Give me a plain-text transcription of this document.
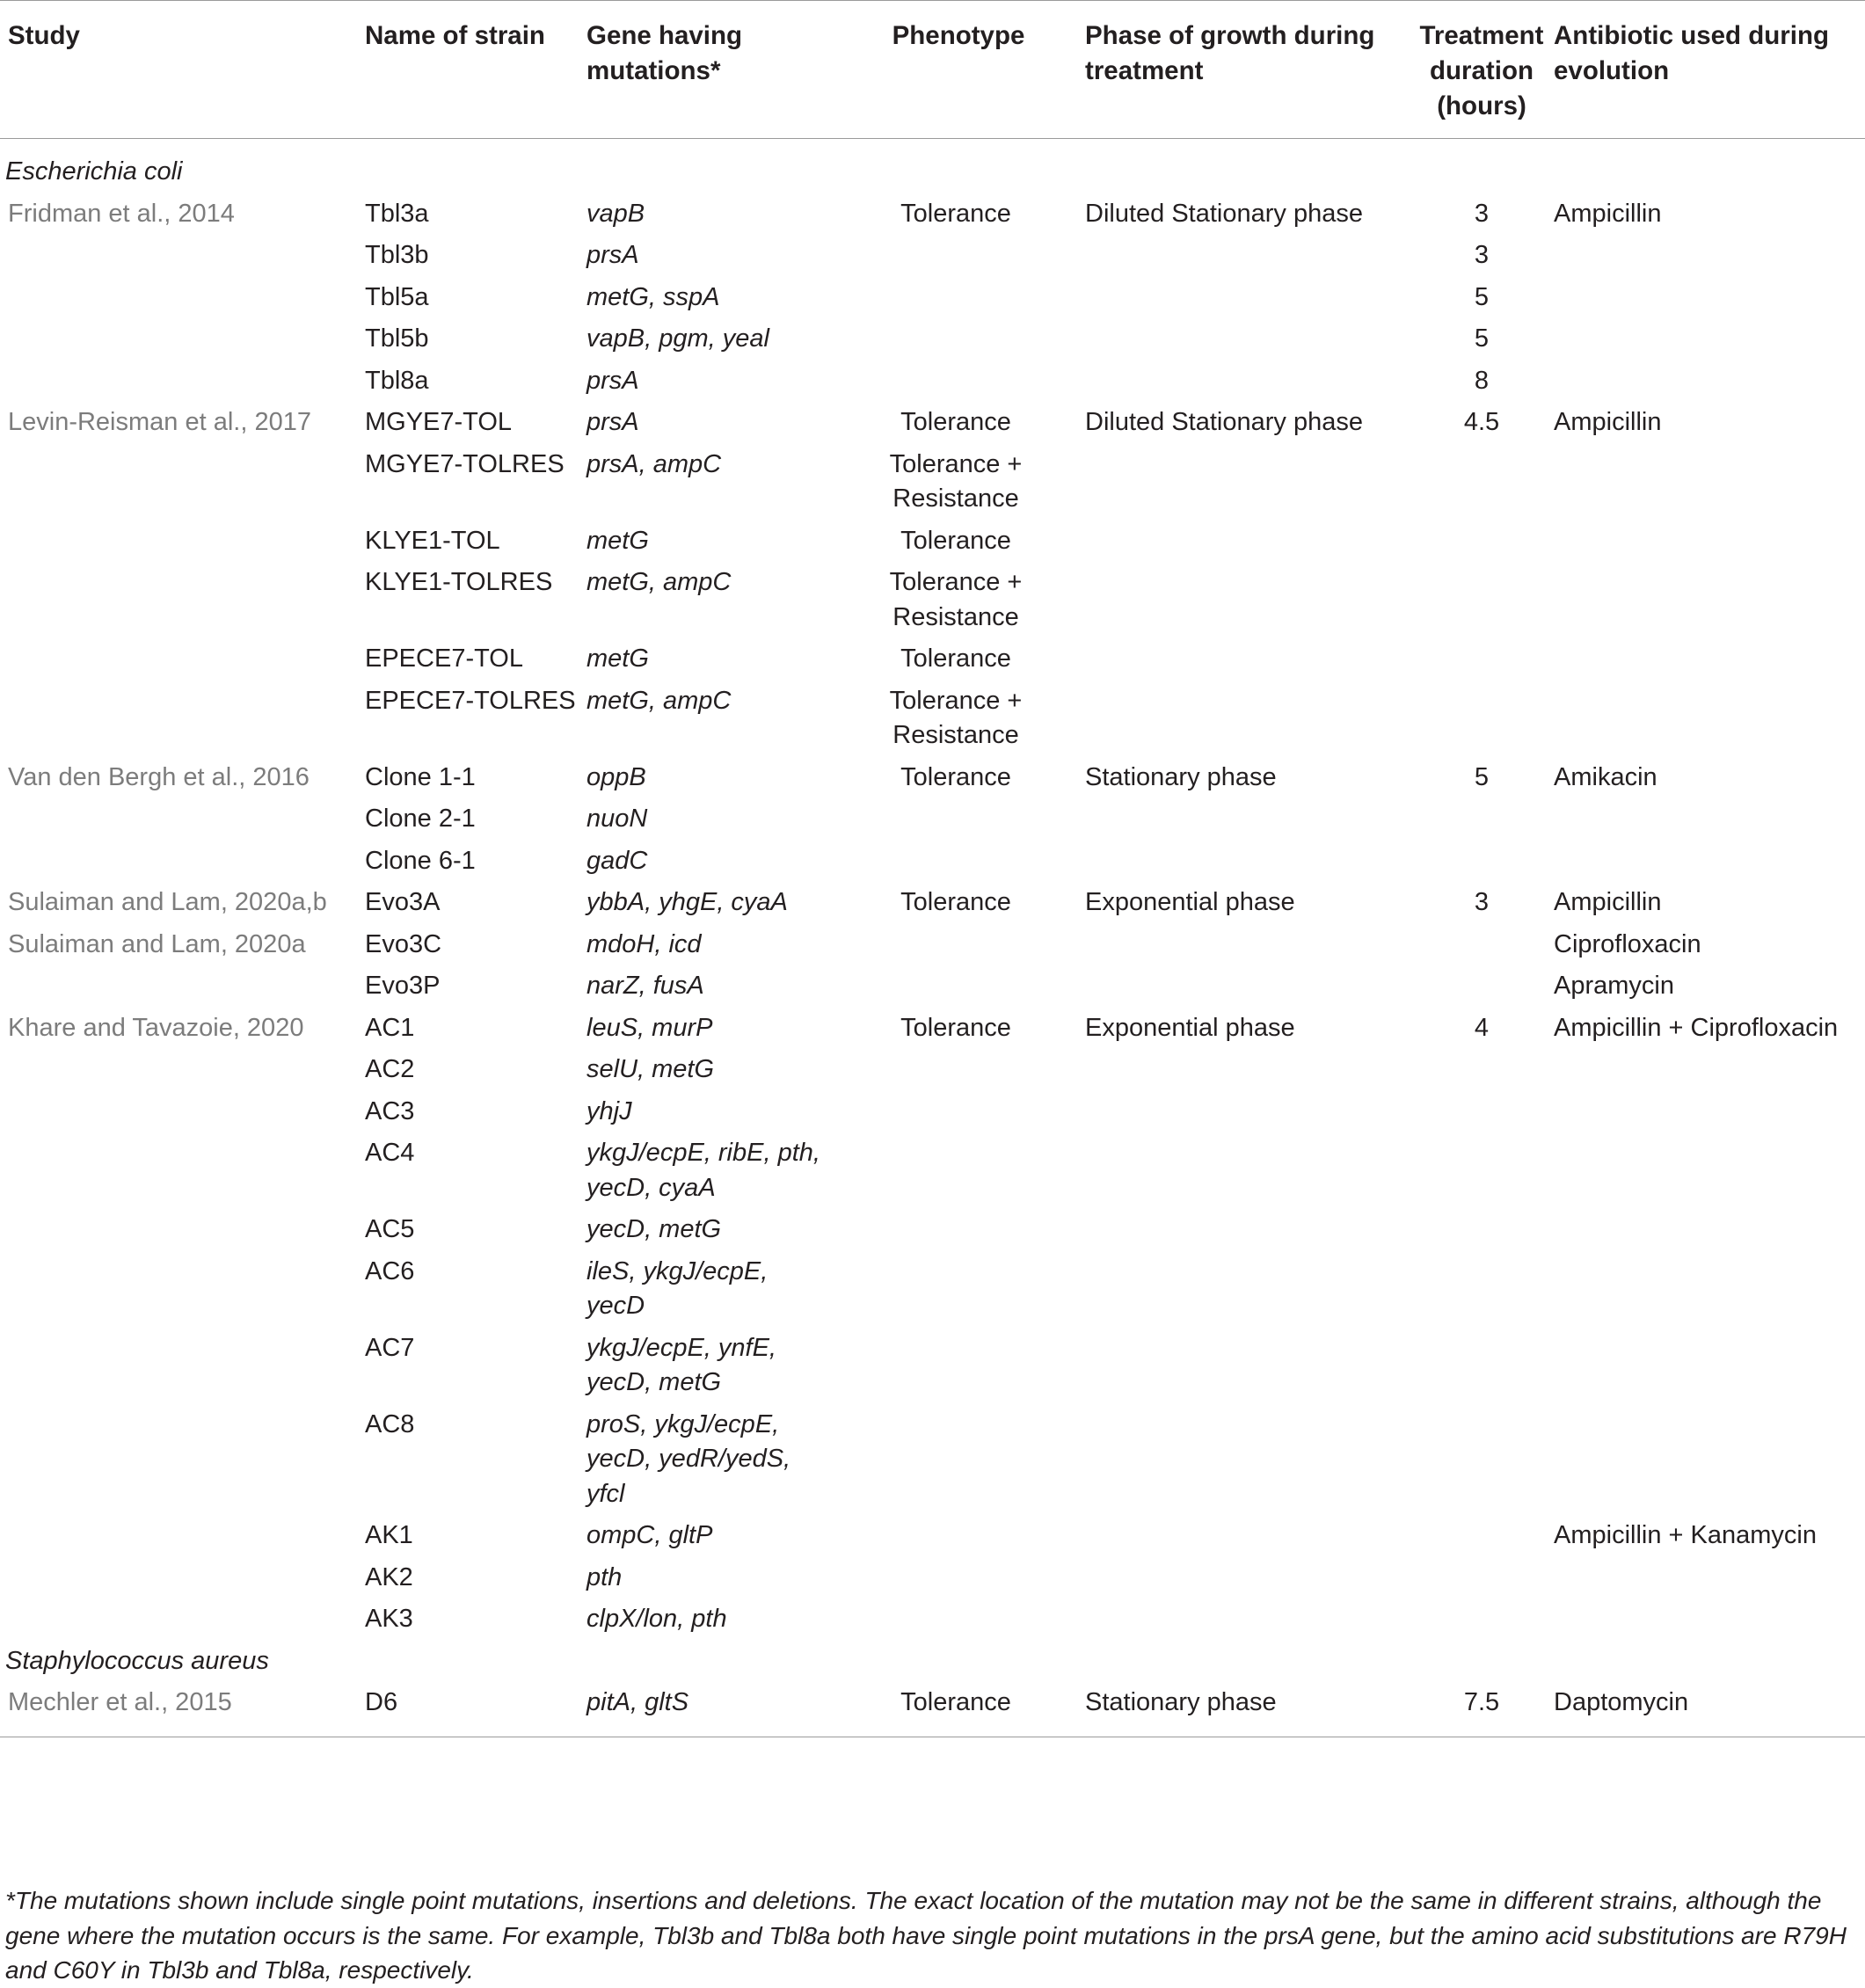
Study	Name of strain	Gene having mutations*	Phenotype	Phase of growth during treatment	Treatment duration (hours)	Antibiotic used during evolution
Escherichia coli						
Fridman et al., 2014	Tbl3a	vapB	Tolerance	Diluted Stationary phase	3	Ampicillin
	Tbl3b	prsA			3	
	Tbl5a	metG, sspA			5	
	Tbl5b	vapB, pgm, yeal			5	
	Tbl8a	prsA			8	
Levin-Reisman et al., 2017	MGYE7-TOL	prsA	Tolerance	Diluted Stationary phase	4.5	Ampicillin
	MGYE7-TOLRES	prsA, ampC	Tolerance + Resistance			
	KLYE1-TOL	metG	Tolerance			
	KLYE1-TOLRES	metG, ampC	Tolerance + Resistance			
	EPECE7-TOL	metG	Tolerance			
	EPECE7-TOLRES	metG, ampC	Tolerance + Resistance			
Van den Bergh et al., 2016	Clone 1-1	oppB	Tolerance	Stationary phase	5	Amikacin
	Clone 2-1	nuoN				
	Clone 6-1	gadC				
Sulaiman and Lam, 2020a,b	Evo3A	ybbA, yhgE, cyaA	Tolerance	Exponential phase	3	Ampicillin
Sulaiman and Lam, 2020a	Evo3C	mdoH, icd				Ciprofloxacin
	Evo3P	narZ, fusA				Apramycin
Khare and Tavazoie, 2020	AC1	leuS, murP	Tolerance	Exponential phase	4	Ampicillin + Ciprofloxacin
	AC2	selU, metG				
	AC3	yhjJ				
	AC4	ykgJ/ecpE, ribE, pth, yecD, cyaA				
	AC5	yecD, metG				
	AC6	ileS, ykgJ/ecpE, yecD				
	AC7	ykgJ/ecpE, ynfE, yecD, metG				
	AC8	proS, ykgJ/ecpE, yecD, yedR/yedS, yfcl				
	AK1	ompC, gltP				Ampicillin + Kanamycin
	AK2	pth				
	AK3	clpX/lon, pth				
Staphylococcus aureus						
Mechler et al., 2015	D6	pitA, gltS	Tolerance	Stationary phase	7.5	Daptomycin
*The mutations shown include single point mutations, insertions and deletions. The exact location of the mutation may not be the same in different strains, although the gene where the mutation occurs is the same. For example, Tbl3b and Tbl8a both have single point mutations in the prsA gene, but the amino acid substitutions are R79H and C60Y in Tbl3b and Tbl8a, respectively.
